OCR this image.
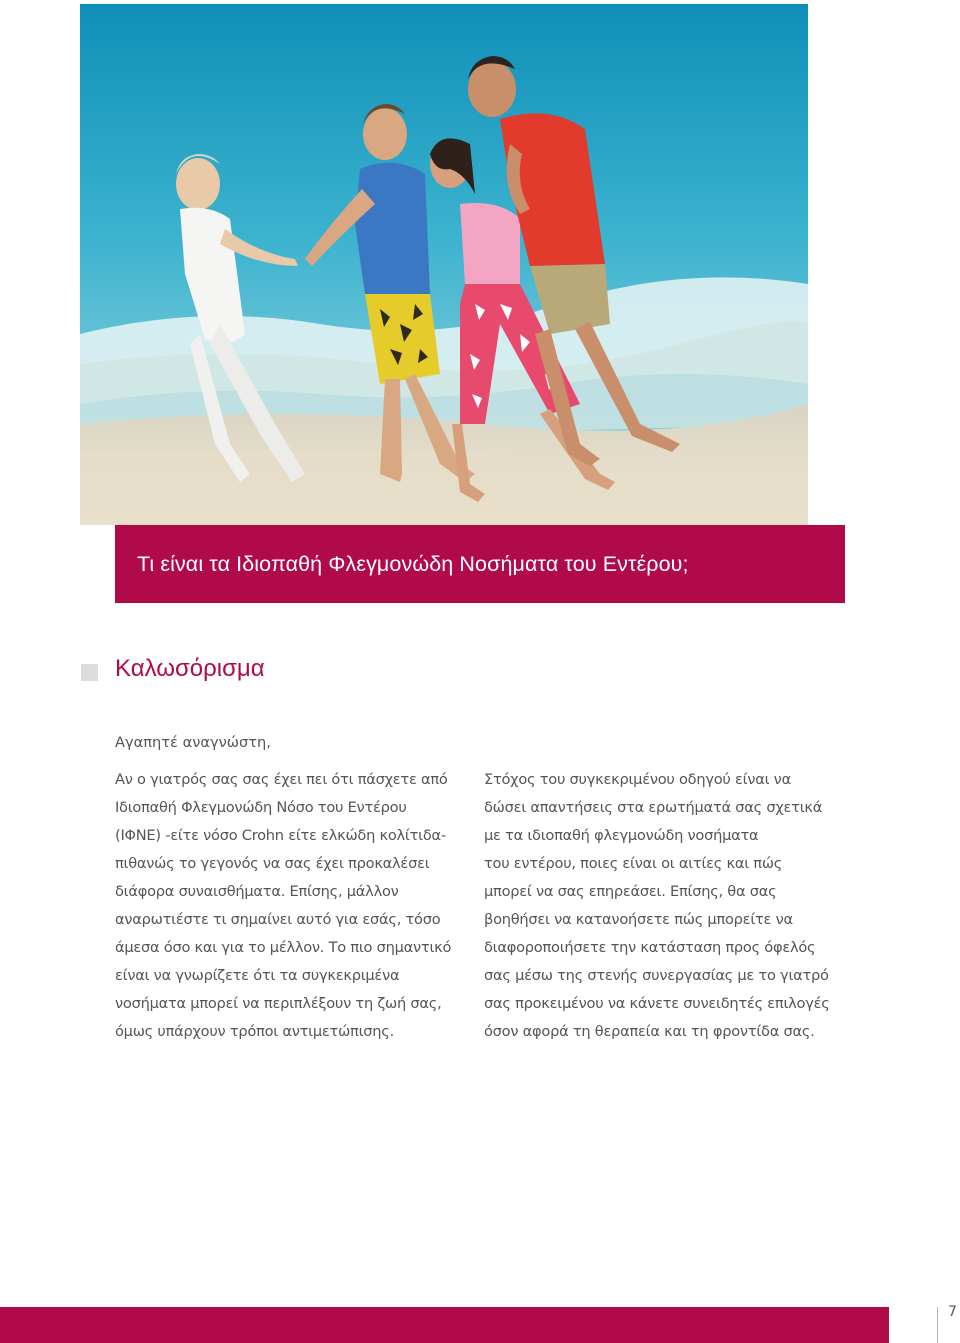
Τι είναι τα Ιδιοπαθή Φλεγμονώδη Νοσήματα του Εντέρου;
Καλωσόρισμα

Αγαπητέ αναγνώστη,

Αν ο γιατρός σας σας έχει πει ότι πάσχετε από
Ιδιοπαθή Φλεγμονώδη Νόσο του Εντέρου
(ΙΦΝΕ) -είτε νόσο Crohn είτε ελκώδη κολίτιδα-
πιθανώς το γεγονός να σας έχει προκαλέσει
διάφορα συναισθήματα. Επίσης, μάλλον
αναρωτιέστε τι σημαίνει αυτό για εσάς, τόσο
άμεσα όσο και για το μέλλον. Το πιο σημαντικό
είναι να γνωρίζετε ότι τα συγκεκριμένα
νοσήματα μπορεί να περιπλέξουν τη ζωή σας,
όμως υπάρχουν τρόποι αντιμετώπισης.

Στόχος του συγκεκριμένου οδηγού είναι να
δώσει απαντήσεις στα ερωτήματά σας σχετικά
με τα ιδιοπαθή φλεγμονώδη νοσήματα
του εντέρου, ποιες είναι οι αιτίες και πώς
μπορεί να σας επηρεάσει. Επίσης, θα σας
βοηθήσει να κατανοήσετε πώς μπορείτε να
διαφοροποιήσετε την κατάσταση προς όφελός
σας μέσω της στενής συνεργασίας με το γιατρό
σας προκειμένου να κάνετε συνειδητές επιλογές
όσον αφορά τη θεραπεία και τη φροντίδα σας.

7
